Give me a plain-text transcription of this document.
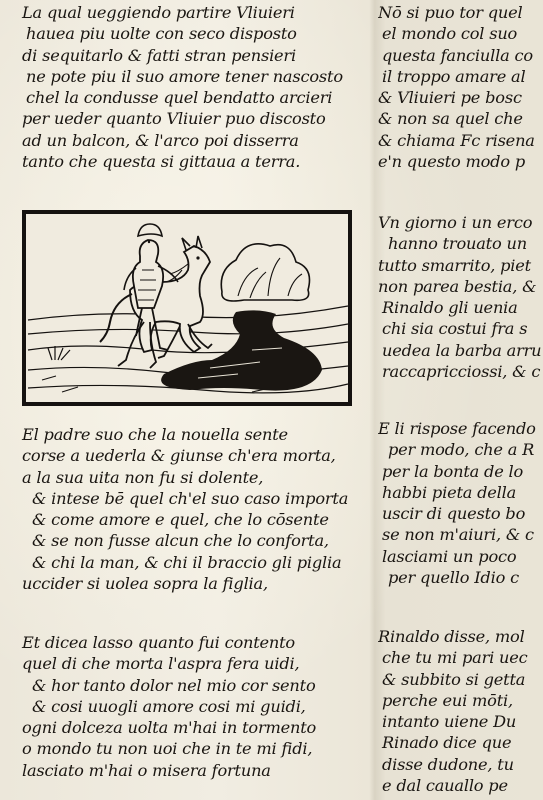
La qual ueggiendo partire Vliuieri
hauea piu uolte con seco disposto
di sequitarlo & fatti stran pensieri
ne pote piu il suo amore tener nascosto
chel la condusse quel bendatto arcieri
per ueder quanto Vliuier puo discosto
ad un balcon, & l'arco poi disserra
tanto che questa si gittaua a terra.
El padre suo che la nouella sente
corse a uederla & giunse ch'era morta,
a la sua uita non fu si dolente,
& intese bē quel ch'el suo caso importa
& come amore e quel, che lo cōsente
& se non fusse alcun che lo conforta,
& chi la man, & chi il braccio gli piglia
uccider si uolea sopra la figlia,
Et dicea lasso quanto fui contento
quel di che morta l'aspra fera uidi,
& hor tanto dolor nel mio cor sento
& cosi uuogli amore cosi mi guidi,
ogni dolceza uolta m'hai in tormento
o mondo tu non uoi che in te mi fidi,
lasciato m'hai o misera fortuna
Nō si puo tor quel
el mondo col suo
questa fanciulla co
il troppo amare al
& Vliuieri pe bosc
& non sa quel che
& chiama Fc risena
e'n questo modo p
Vn giorno i un erco
hanno trouato un
tutto smarrito, piet
non parea bestia, &
Rinaldo gli uenia
chi sia costui fra s
uedea la barba arru
raccapricciossi, & c
E li rispose facendo
per modo, che a R
per la bonta de lo
habbi pieta della
uscir di questo bo
se non m'aiuri, & c
lasciami un poco
per quello Idio c
Rinaldo disse, mol
che tu mi pari uec
& subbito si getta
perche eui mōti,
intanto uiene Du
Rinado dice que
disse dudone, tu
e dal cauallo pe
